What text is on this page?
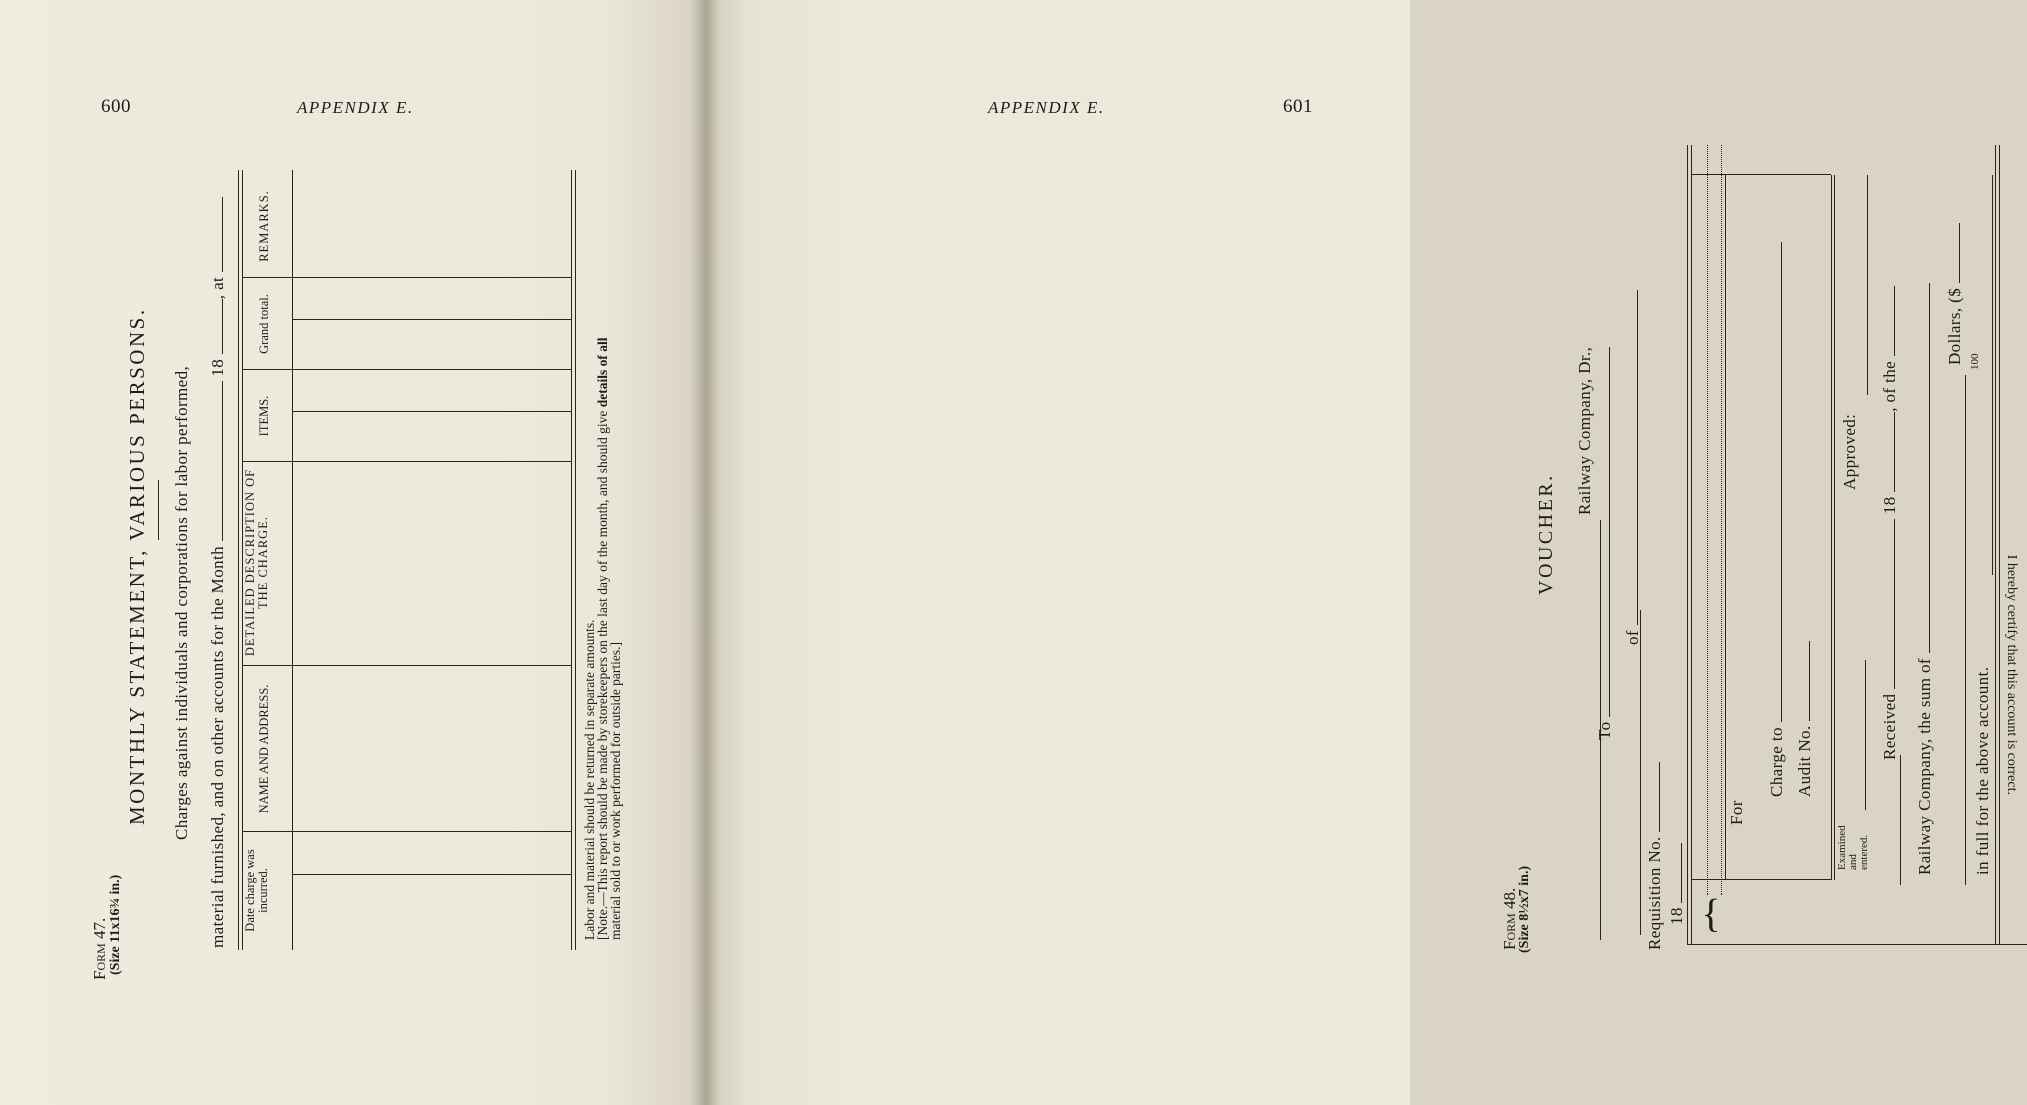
600	APPENDIX E.
Form 47. (Size 11x16¾ in.)
MONTHLY STATEMENT, VARIOUS PERSONS. Charges against individuals and corporations for labor performed, material furnished, and on other accounts for the Month  18 , at
Date charge was incurred.
NAME AND ADDRESS.
DETAILED DESCRIPTION OF THE CHARGE.
ITEMS.
Grand total.
REMARKS.
Labor and material should be returned in separate amounts.
[Note.—This report should be made by storekeepers on the last day of the month, and should give details of all
material sold to or work performed for outside parties.]
APPENDIX E.	601
Form 48.
(Size 8½x7 in.)
VOUCHER.
Railway Company, Dr.,
To
of
Requisition No. 18 {
For
Charge to Audit No.
Examined and entered.
Approved:
Received  18 , of the
Railway Company, the sum of
Dollars, ($
100
in full for the above account. I hereby certify that this account is correct.
